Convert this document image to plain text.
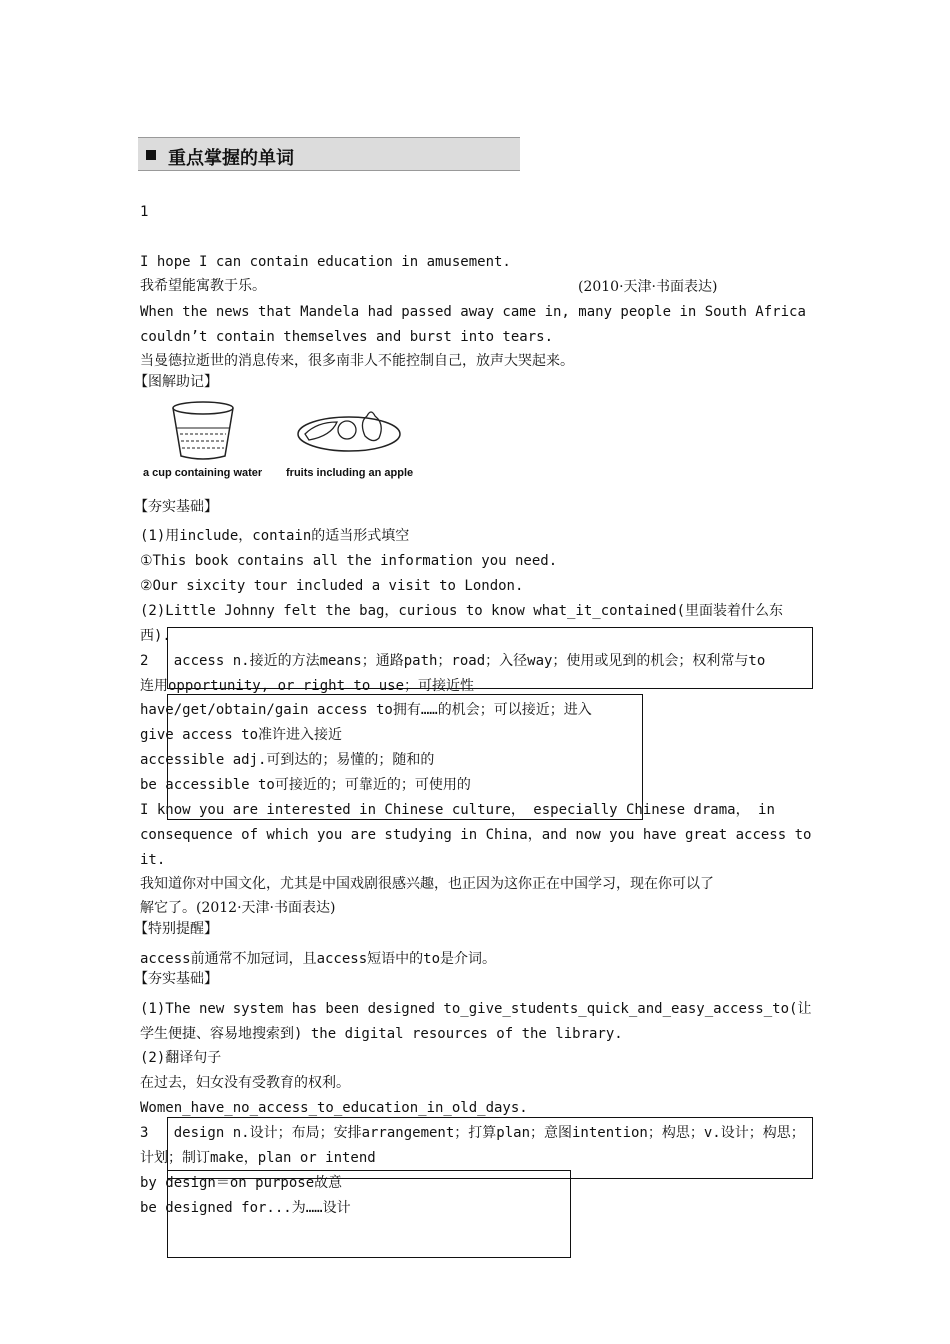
重点掌握的单词
1
I hope I can contain education in amusement.
我希望能寓教于乐。	(2010·天津·书面表达)
When the news that Mandela had passed away came in, many people in South Africa
couldn’t contain themselves and burst into tears.
当曼德拉逝世的消息传来，很多南非人不能控制自己，放声大哭起来。
【图解助记】
a cup containing water fruits including an apple
【夯实基础】
(1)用include，contain的适当形式填空
①This book contains all the information you need.
②Our sixcity tour included a visit to London.
(2)Little Johnny felt the bag，curious to know what_it_contained(里面装着什么东
西).
2   access n.接近的方法means；通路path；road；入径way；使用或见到的机会；权利常与to
连用opportunity, or right to use；可接近性
have/get/obtain/gain access to拥有……的机会；可以接近；进入
give access to准许进入接近
accessible adj.可到达的；易懂的；随和的
be accessible to可接近的；可靠近的；可使用的
I know you are interested in Chinese culture， especially Chinese drama， in
consequence of which you are studying in China，and now you have great access to
it.
我知道你对中国文化，尤其是中国戏剧很感兴趣，也正因为这你正在中国学习，现在你可以了
解它了。(2012·天津·书面表达)
【特别提醒】
access前通常不加冠词，且access短语中的to是介词。
【夯实基础】
(1)The new system has been designed to_give_students_quick_and_easy_access_to(让
学生便捷、容易地搜索到) the digital resources of the library.
(2)翻译句子
在过去，妇女没有受教育的权利。
Women_have_no_access_to_education_in_old_days.
3   design n.设计；布局；安排arrangement；打算plan；意图intention；构思；v.设计；构思；
计划；制订make，plan or intend
by design＝on purpose故意
be designed for...为……设计
